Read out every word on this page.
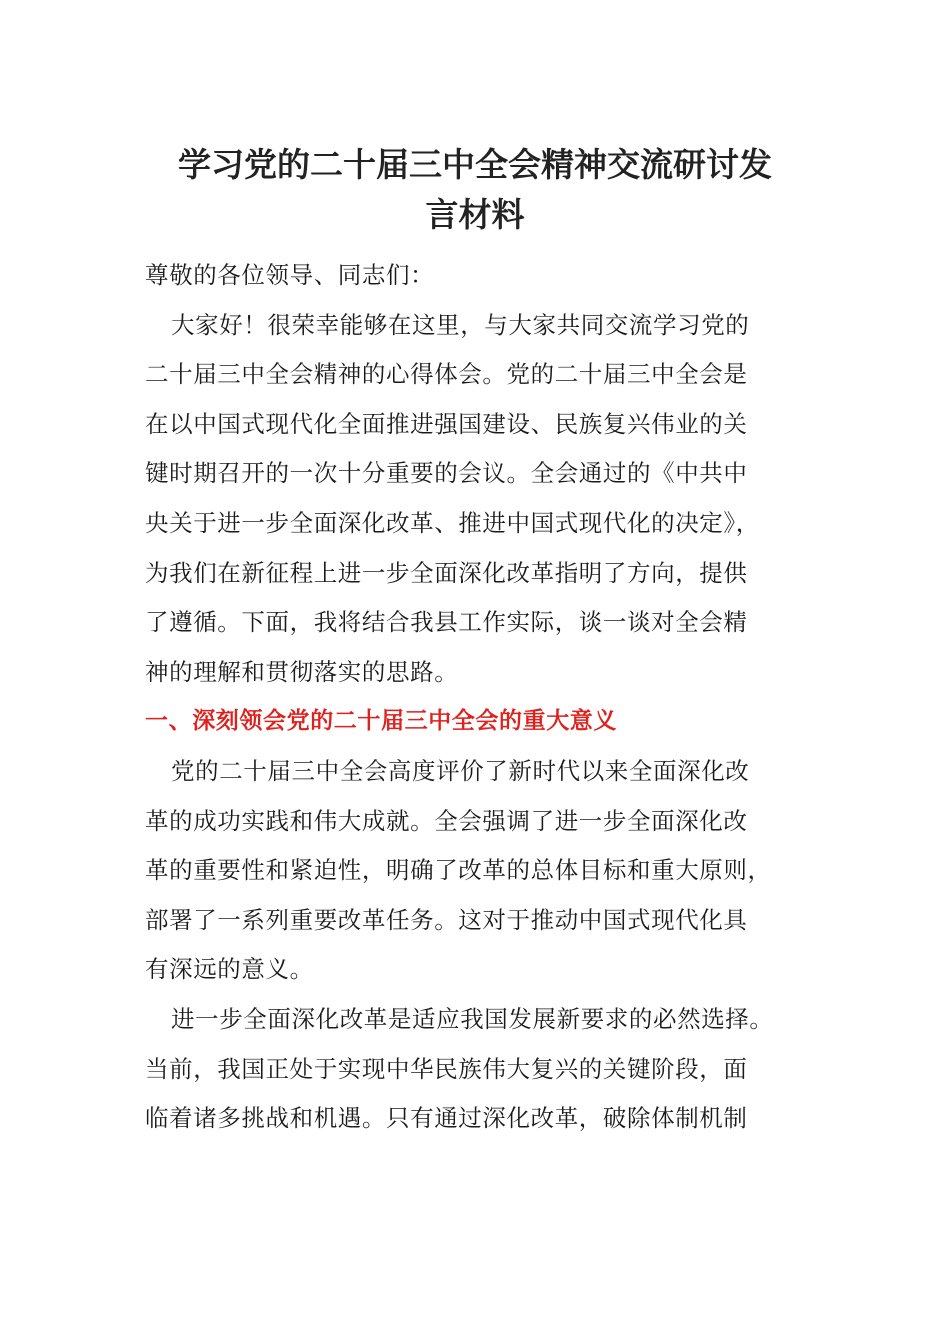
学习党的二十届三中全会精神交流研讨发
言材料

尊敬的各位领导、同志们：

大家好！很荣幸能够在这里，与大家共同交流学习党的
二十届三中全会精神的心得体会。党的二十届三中全会是
在以中国式现代化全面推进强国建设、民族复兴伟业的关
键时期召开的一次十分重要的会议。全会通过的《中共中
央关于进一步全面深化改革、推进中国式现代化的决定》，
为我们在新征程上进一步全面深化改革指明了方向，提供
了遵循。下面，我将结合我县工作实际，谈一谈对全会精
神的理解和贯彻落实的思路。

一、深刻领会党的二十届三中全会的重大意义

党的二十届三中全会高度评价了新时代以来全面深化改
革的成功实践和伟大成就。全会强调了进一步全面深化改
革的重要性和紧迫性，明确了改革的总体目标和重大原则，
部署了一系列重要改革任务。这对于推动中国式现代化具
有深远的意义。

进一步全面深化改革是适应我国发展新要求的必然选择。
当前，我国正处于实现中华民族伟大复兴的关键阶段，面
临着诸多挑战和机遇。只有通过深化改革，破除体制机制
